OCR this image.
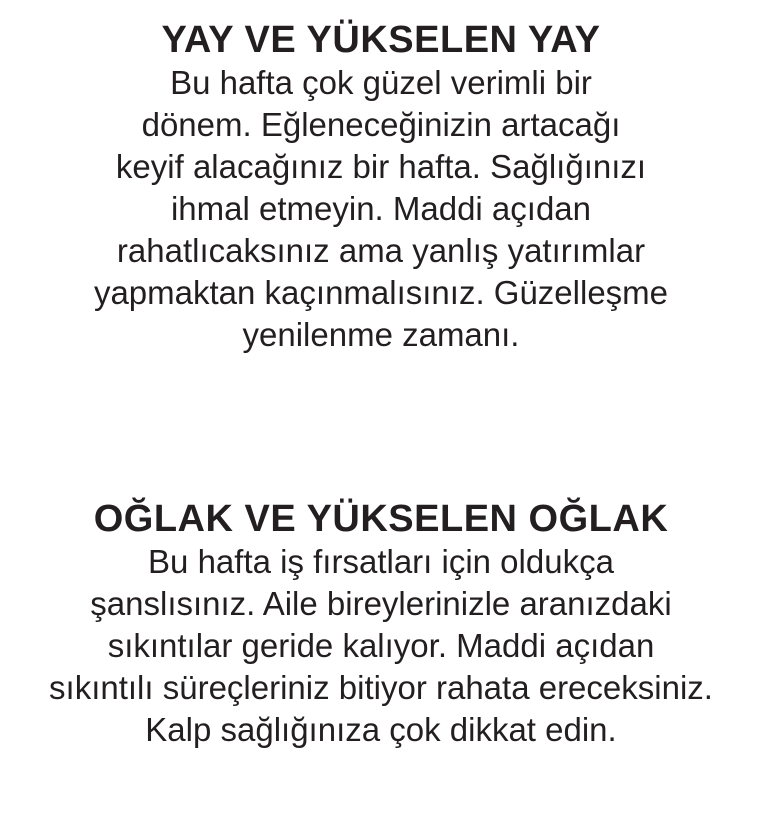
YAY VE YÜKSELEN YAY
Bu hafta çok güzel verimli bir
dönem. Eğleneceğinizin artacağı
keyif alacağınız bir hafta. Sağlığınızı
ihmal etmeyin. Maddi açıdan
rahatlıcaksınız ama yanlış yatırımlar
yapmaktan kaçınmalısınız. Güzelleşme
yenilenme zamanı.
OĞLAK VE YÜKSELEN OĞLAK
Bu hafta iş fırsatları için oldukça
şanslısınız. Aile bireylerinizle aranızdaki
sıkıntılar geride kalıyor. Maddi açıdan
sıkıntılı süreçleriniz bitiyor rahata ereceksiniz.
Kalp sağlığınıza çok dikkat edin.
